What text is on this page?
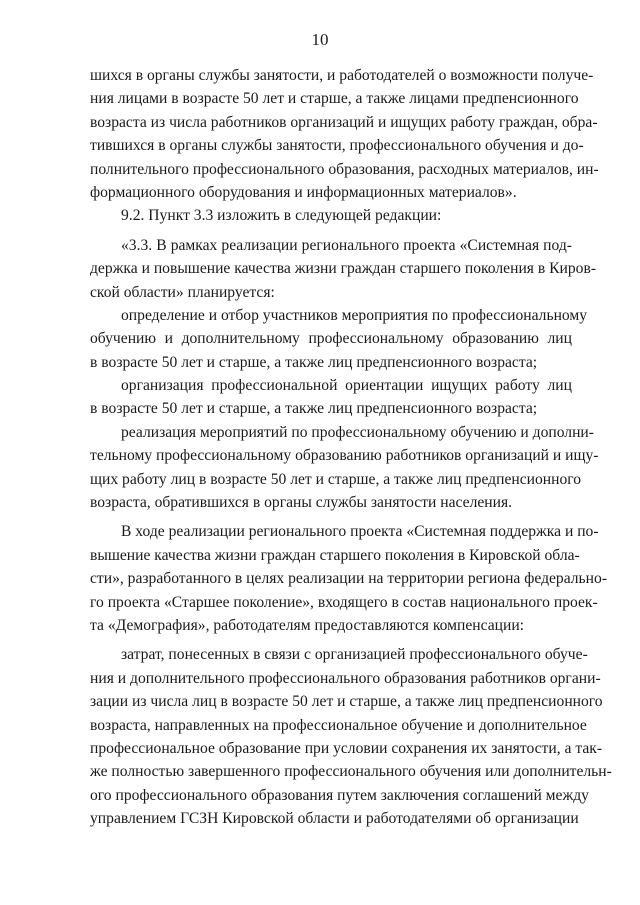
10
шихся в органы службы занятости, и работодателей о возможности получе-
ния лицами в возрасте 50 лет и старше, а также лицами предпенсионного
возраста из числа работников организаций и ищущих работу граждан, обра-
тившихся в органы службы занятости, профессионального обучения и до-
полнительного профессионального образования, расходных материалов, ин-
формационного оборудования и информационных материалов».
9.2. Пункт 3.3 изложить в следующей редакции:
«3.3. В рамках реализации регионального проекта «Системная под-
держка и повышение качества жизни граждан старшего поколения в Киров-
ской области» планируется:
определение и отбор участников мероприятия по профессиональному
обучению и дополнительному профессиональному образованию лиц
в возрасте 50 лет и старше, а также лиц предпенсионного возраста;
организация профессиональной ориентации ищущих работу лиц
в возрасте 50 лет и старше, а также лиц предпенсионного возраста;
реализация мероприятий по профессиональному обучению и дополни-
тельному профессиональному образованию работников организаций и ищу-
щих работу лиц в возрасте 50 лет и старше, а также лиц предпенсионного
возраста, обратившихся в органы службы занятости населения.
В ходе реализации регионального проекта «Системная поддержка и по-
вышение качества жизни граждан старшего поколения в Кировской обла-
сти», разработанного в целях реализации на территории региона федерально-
го проекта «Старшее поколение», входящего в состав национального проек-
та «Демография», работодателям предоставляются компенсации:
затрат, понесенных в связи с организацией профессионального обуче-
ния и дополнительного профессионального образования работников органи-
зации из числа лиц в возрасте 50 лет и старше, а также лиц предпенсионного
возраста, направленных на профессиональное обучение и дополнительное
профессиональное образование при условии сохранения их занятости, а так-
же полностью завершенного профессионального обучения или дополнительн-
ого профессионального образования путем заключения соглашений между
управлением ГСЗН Кировской области и работодателями об организации
